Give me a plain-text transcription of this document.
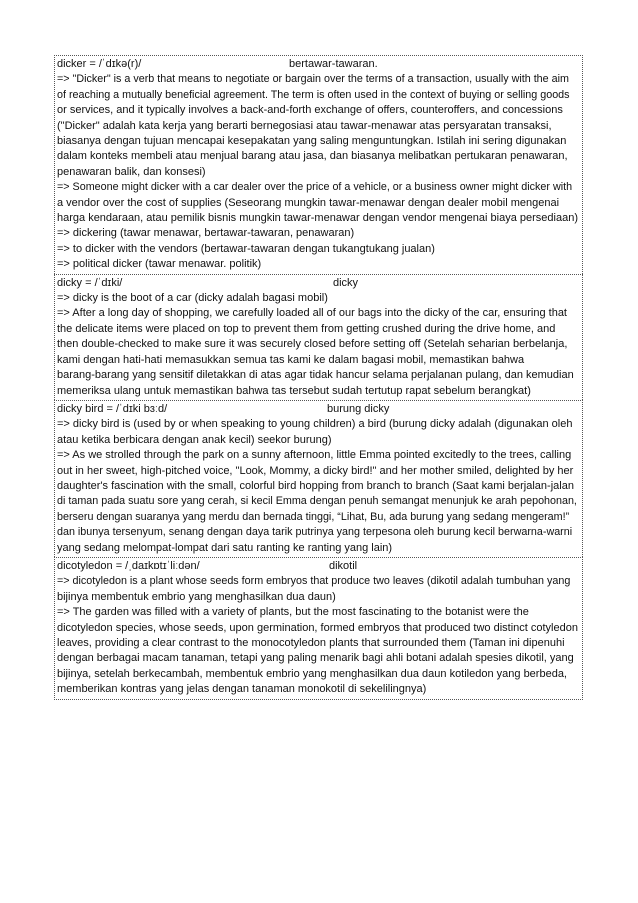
dicker = /ˈdɪkə(r)/	bertawar-tawaran.
=> "Dicker" is a verb that means to negotiate or bargain over the terms of a transaction, usually with the aim
of reaching a mutually beneficial agreement. The term is often used in the context of buying or selling goods
or services, and it typically involves a back-and-forth exchange of offers, counteroffers, and concessions
("Dicker" adalah kata kerja yang berarti bernegosiasi atau tawar-menawar atas persyaratan transaksi,
biasanya dengan tujuan mencapai kesepakatan yang saling menguntungkan. Istilah ini sering digunakan
dalam konteks membeli atau menjual barang atau jasa, dan biasanya melibatkan pertukaran penawaran,
penawaran balik, dan konsesi)
=> Someone might dicker with a car dealer over the price of a vehicle, or a business owner might dicker with
a vendor over the cost of supplies (Seseorang mungkin tawar-menawar dengan dealer mobil mengenai
harga kendaraan, atau pemilik bisnis mungkin tawar-menawar dengan vendor mengenai biaya persediaan)
=> dickering (tawar menawar, bertawar-tawaran, penawaran)
=> to dicker with the vendors (bertawar-tawaran dengan tukangtukang jualan)
=> political dicker (tawar menawar. politik)
dicky = /ˈdɪki/	dicky
=> dicky is the boot of a car (dicky adalah bagasi mobil)
=> After a long day of shopping, we carefully loaded all of our bags into the dicky of the car, ensuring that
the delicate items were placed on top to prevent them from getting crushed during the drive home, and
then double-checked to make sure it was securely closed before setting off (Setelah seharian berbelanja,
kami dengan hati-hati memasukkan semua tas kami ke dalam bagasi mobil, memastikan bahwa
barang-barang yang sensitif diletakkan di atas agar tidak hancur selama perjalanan pulang, dan kemudian
memeriksa ulang untuk memastikan bahwa tas tersebut sudah tertutup rapat sebelum berangkat)
dicky bird = /ˈdɪki bɜːd/	burung dicky
=> dicky bird is (used by or when speaking to young children) a bird (burung dicky adalah (digunakan oleh
atau ketika berbicara dengan anak kecil) seekor burung)
=> As we strolled through the park on a sunny afternoon, little Emma pointed excitedly to the trees, calling
out in her sweet, high-pitched voice, "Look, Mommy, a dicky bird!" and her mother smiled, delighted by her
daughter's fascination with the small, colorful bird hopping from branch to branch (Saat kami berjalan-jalan
di taman pada suatu sore yang cerah, si kecil Emma dengan penuh semangat menunjuk ke arah pepohonan,
berseru dengan suaranya yang merdu dan bernada tinggi, “Lihat, Bu, ada burung yang sedang mengeram!”
dan ibunya tersenyum, senang dengan daya tarik putrinya yang terpesona oleh burung kecil berwarna-warni
yang sedang melompat-lompat dari satu ranting ke ranting yang lain)
dicotyledon = /ˌdaɪkɒtɪˈliːdən/	dikotil
=> dicotyledon is a plant whose seeds form embryos that produce two leaves (dikotil adalah tumbuhan yang
bijinya membentuk embrio yang menghasilkan dua daun)
=> The garden was filled with a variety of plants, but the most fascinating to the botanist were the
dicotyledon species, whose seeds, upon germination, formed embryos that produced two distinct cotyledon
leaves, providing a clear contrast to the monocotyledon plants that surrounded them (Taman ini dipenuhi
dengan berbagai macam tanaman, tetapi yang paling menarik bagi ahli botani adalah spesies dikotil, yang
bijinya, setelah berkecambah, membentuk embrio yang menghasilkan dua daun kotiledon yang berbeda,
memberikan kontras yang jelas dengan tanaman monokotil di sekelilingnya)
